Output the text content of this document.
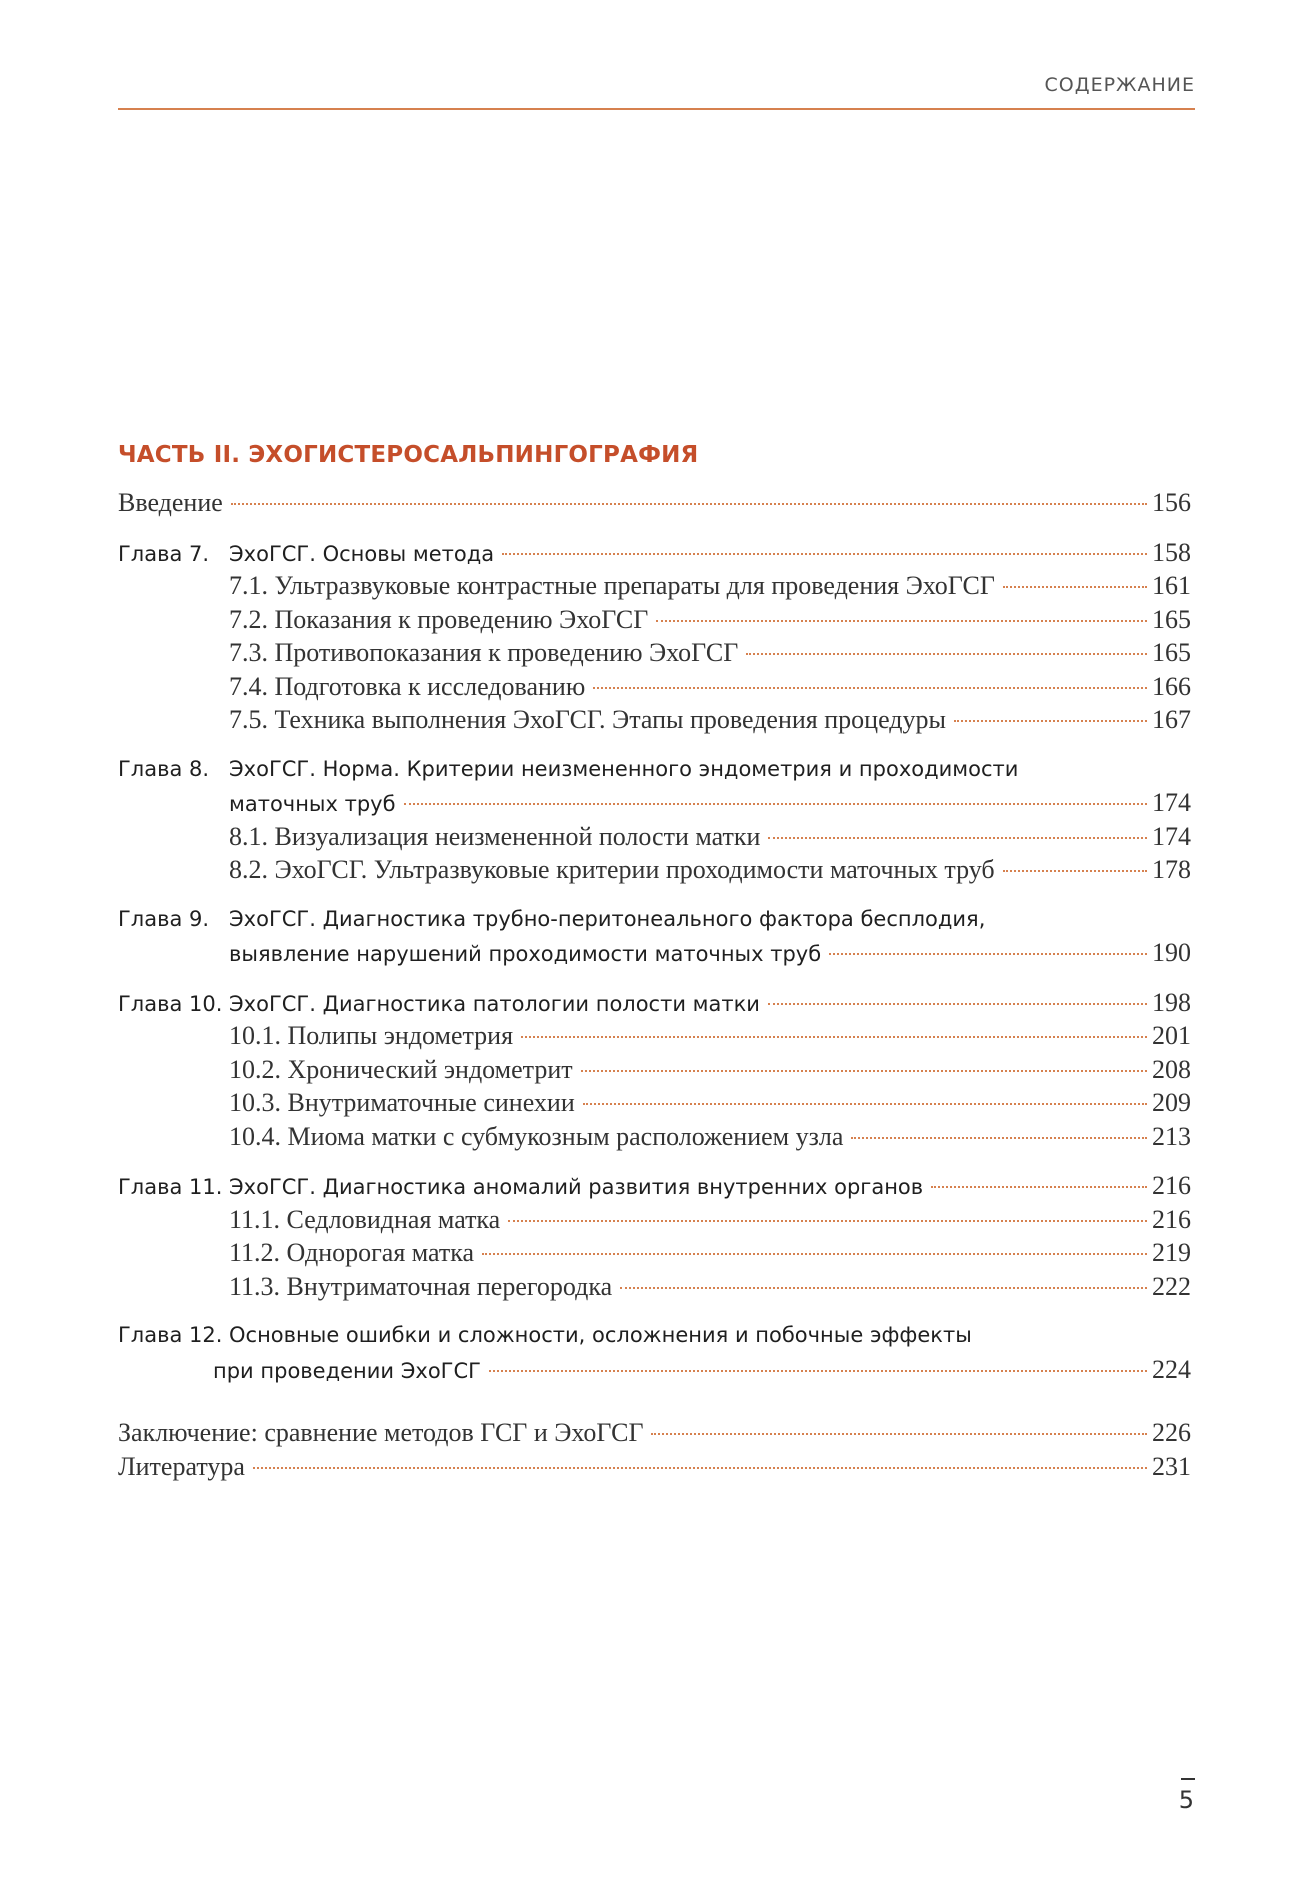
СОДЕРЖАНИЕ
ЧАСТЬ II. ЭХОГИСТЕРОСАЛЬПИНГОГРАФИЯ
Введение	156
Глава 7. ЭхоГСГ. Основы метода	158
7.1. Ультразвуковые контрастные препараты для проведения ЭхоГСГ	161
7.2. Показания к проведению ЭхоГСГ	165
7.3. Противопоказания к проведению ЭхоГСГ	165
7.4. Подготовка к исследованию	166
7.5. Техника выполнения ЭхоГСГ. Этапы проведения процедуры	167
Глава 8. ЭхоГСГ. Норма. Критерии неизмененного эндометрия и проходимости
маточных труб	174
8.1. Визуализация неизмененной полости матки	174
8.2. ЭхоГСГ. Ультразвуковые критерии проходимости маточных труб	178
Глава 9. ЭхоГСГ. Диагностика трубно-перитонеального фактора бесплодия,
выявление нарушений проходимости маточных труб	190
Глава 10. ЭхоГСГ. Диагностика патологии полости матки	198
10.1. Полипы эндометрия	201
10.2. Хронический эндометрит	208
10.3. Внутриматочные синехии	209
10.4. Миома матки с субмукозным расположением узла	213
Глава 11. ЭхоГСГ. Диагностика аномалий развития внутренних органов	216
11.1. Седловидная матка	216
11.2. Однорогая матка	219
11.3. Внутриматочная перегородка	222
Глава 12. Основные ошибки и сложности, осложнения и побочные эффекты
при проведении ЭхоГСГ	224
Заключение: сравнение методов ГСГ и ЭхоГСГ	226
Литература	231
5
